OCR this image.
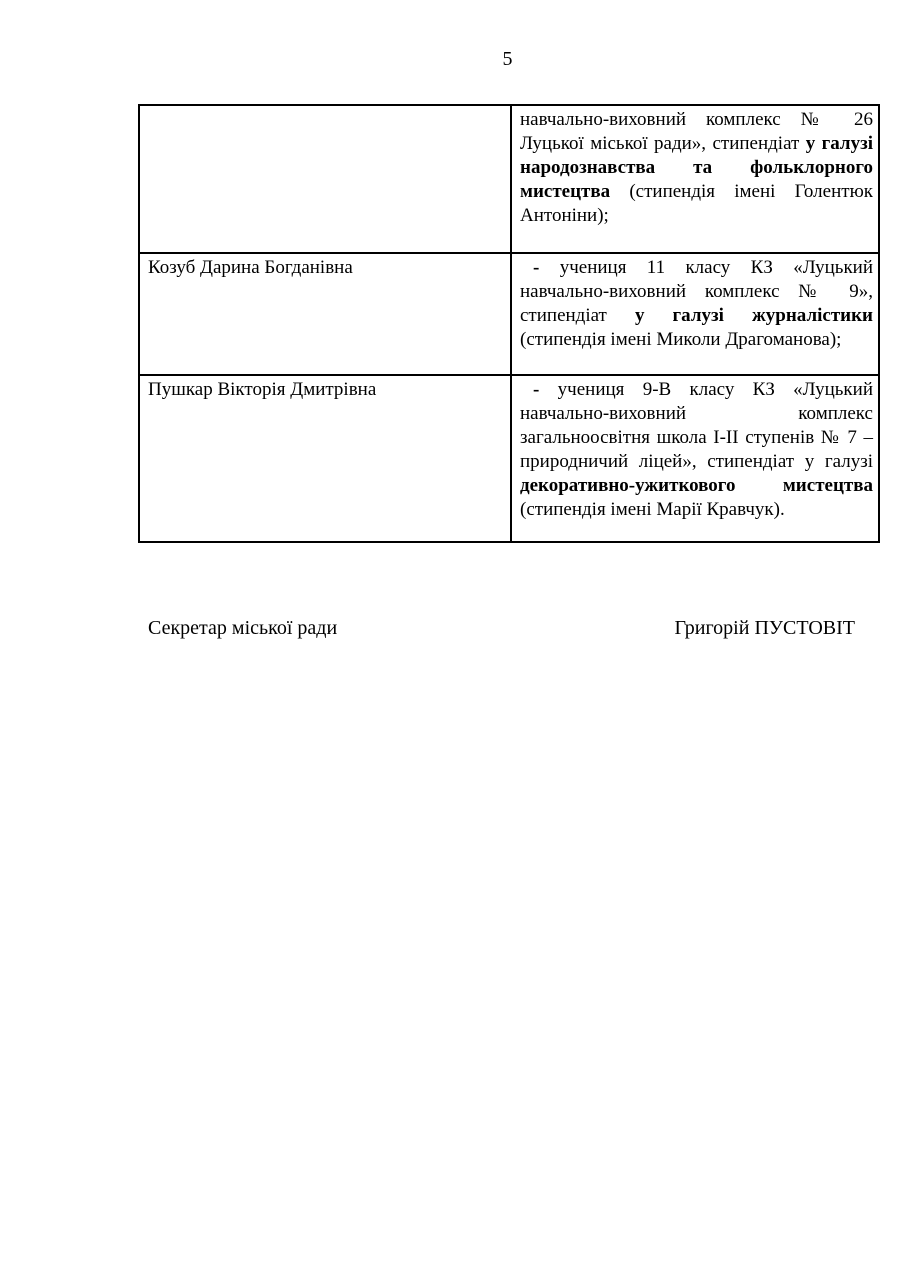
5

	навчально-виховний комплекс № 26 Луцької міської ради», стипендіат у галузі народознавства та фольклорного мистецтва (стипендія імені Голентюк Антоніни);

Козуб Дарина Богданівна	- учениця 11 класу КЗ «Луцький навчально-виховний комплекс № 9», стипендіат у галузі журналістики (стипендія імені Миколи Драгоманова);

Пушкар Вікторія Дмитрівна	- учениця 9-В класу КЗ «Луцький навчально-виховний комплекс загальноосвітня школа І-ІІ ступенів № 7 – природничий ліцей», стипендіат у галузі декоративно-ужиткового мистецтва (стипендія імені Марії Кравчук).

Секретар міської ради	Григорій ПУСТОВІТ
